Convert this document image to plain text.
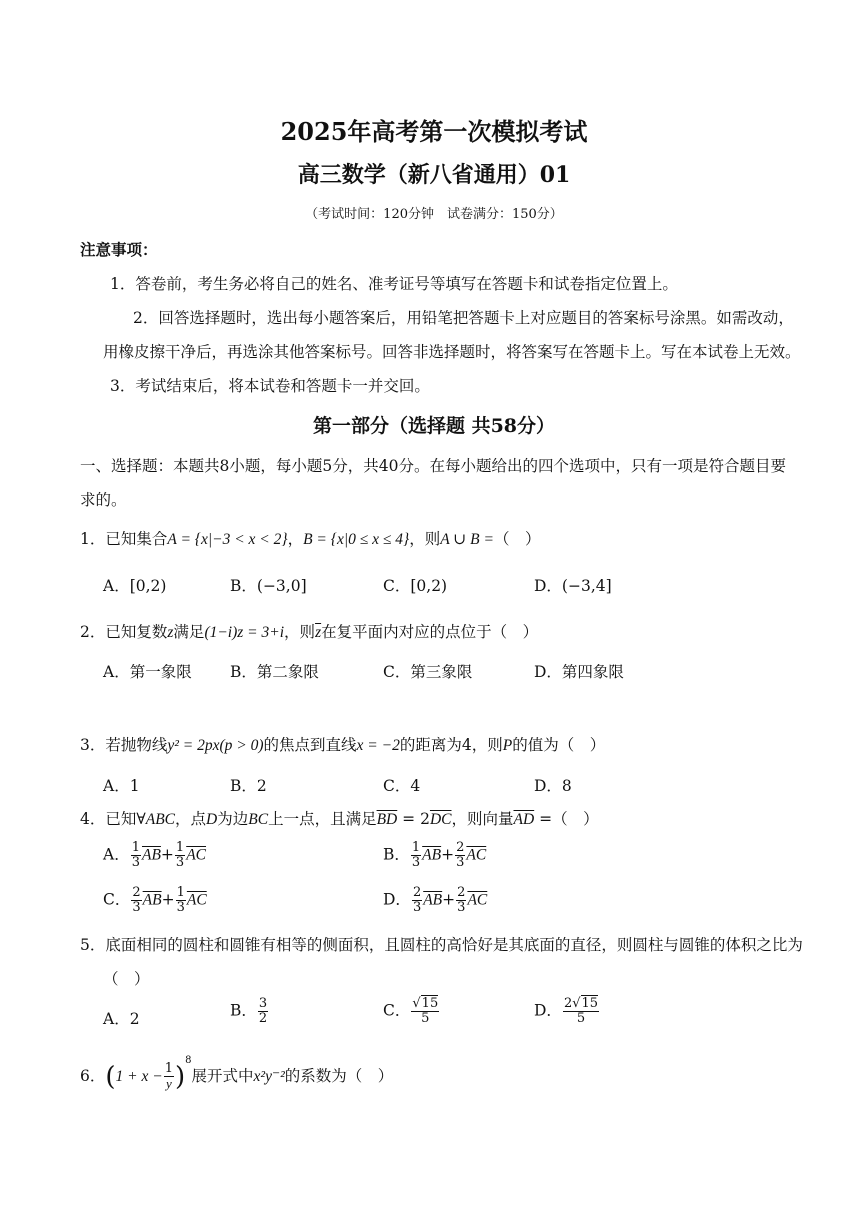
2025年高考第一次模拟考试
高三数学（新八省通用）01
（考试时间：120分钟　试卷满分：150分）
注意事项：
1．答卷前，考生务必将自己的姓名、准考证号等填写在答题卡和试卷指定位置上。
2．回答选择题时，选出每小题答案后，用铅笔把答题卡上对应题目的答案标号涂黑。如需改动，
用橡皮擦干净后，再选涂其他答案标号。回答非选择题时，将答案写在答题卡上。写在本试卷上无效。
3．考试结束后，将本试卷和答题卡一并交回。
第一部分（选择题 共58分）
一、选择题：本题共8小题，每小题5分，共40分。在每小题给出的四个选项中，只有一项是符合题目要
求的。
1．已知集合A = {x|−3 < x < 2}，B = {x|0 ≤ x ≤ 4}，则A ∪ B =（　）
A．[0,2)	B．(−3,0]	C．[0,2)	D．(−3,4]
2．已知复数z满足(1−i)z = 3+i，则$\overline{z}$在复平面内对应的点位于（　）
A．第一象限 B．第二象限	C．第三象限	D．第四象限
3．若抛物线y² = 2px(p > 0)的焦点到直线x = −2的距离为4，则P的值为（　）
A．1	B．2	C．4	D．8
4．已知∀ABC，点D为边BC上一点，且满足$\overline{BD} = 2\overline{DC}$，则向量$\overline{AD}$ =（　）
A． $\frac{1}{3} \overline{AB}+ \frac{1}{3} \overline{AC}$	B． $\frac{1}{3} \overline{AB}+ \frac{2}{3} \overline{AC}$
C． $\frac{2}{3} \overline{AB}+ \frac{1}{3} \overline{AC}$	D． $\frac{2}{3} \overline{AB}+ \frac{2}{3} \overline{AC}$
5．底面相同的圆柱和圆锥有相等的侧面积，且圆柱的高恰好是其底面的直径，则圆柱与圆锥的体积之比为
（　）
A．2	B． $\frac{3}{2}$	C． $\frac{√15}{5}$	D． $\frac{2√15}{5}$
6．$(1 + x - \frac{1}{y} )^8$展开式中x²y⁻²的系数为（　）
